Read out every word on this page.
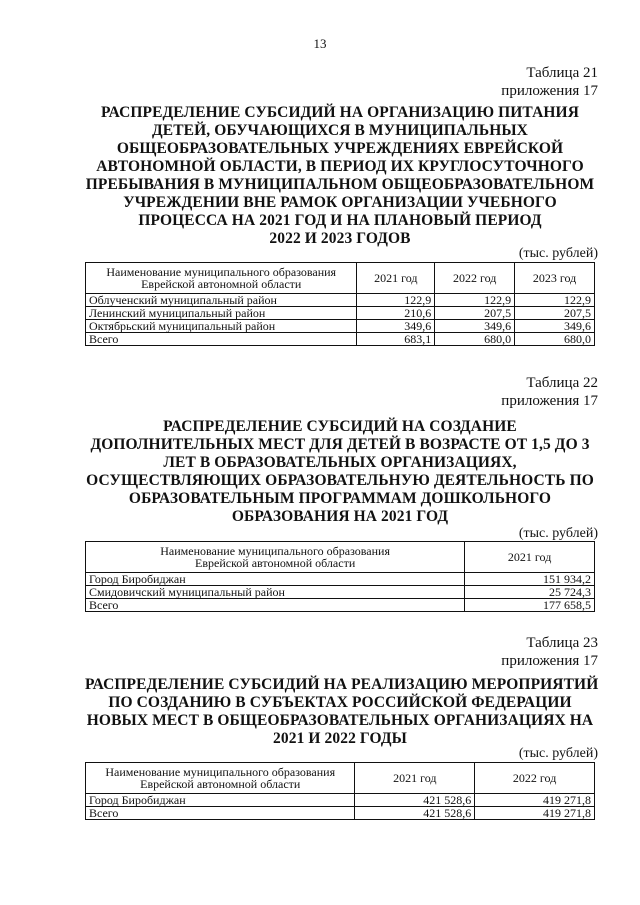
13
Таблица 21
приложения 17
РАСПРЕДЕЛЕНИЕ СУБСИДИЙ НА ОРГАНИЗАЦИЮ ПИТАНИЯ
ДЕТЕЙ, ОБУЧАЮЩИХСЯ В МУНИЦИПАЛЬНЫХ
ОБЩЕОБРАЗОВАТЕЛЬНЫХ УЧРЕЖДЕНИЯХ ЕВРЕЙСКОЙ
АВТОНОМНОЙ ОБЛАСТИ, В ПЕРИОД ИХ КРУГЛОСУТОЧНОГО
ПРЕБЫВАНИЯ В МУНИЦИПАЛЬНОМ ОБЩЕОБРАЗОВАТЕЛЬНОМ
УЧРЕЖДЕНИИ ВНЕ РАМОК ОРГАНИЗАЦИИ УЧЕБНОГО
ПРОЦЕССА НА 2021 ГОД И НА ПЛАНОВЫЙ ПЕРИОД
2022 И 2023 ГОДОВ
(тыс. рублей)
Наименование муниципального образования
Еврейской автономной области	2021 год	2022 год	2023 год
Облученский муниципальный район	122,9	122,9	122,9
Ленинский муниципальный район	210,6	207,5	207,5
Октябрьский муниципальный район	349,6	349,6	349,6
Всего	683,1	680,0	680,0
Таблица 22
приложения 17
РАСПРЕДЕЛЕНИЕ СУБСИДИЙ НА СОЗДАНИЕ
ДОПОЛНИТЕЛЬНЫХ МЕСТ ДЛЯ ДЕТЕЙ В ВОЗРАСТЕ ОТ 1,5 ДО 3
ЛЕТ В ОБРАЗОВАТЕЛЬНЫХ ОРГАНИЗАЦИЯХ,
ОСУЩЕСТВЛЯЮЩИХ ОБРАЗОВАТЕЛЬНУЮ ДЕЯТЕЛЬНОСТЬ ПО
ОБРАЗОВАТЕЛЬНЫМ ПРОГРАММАМ ДОШКОЛЬНОГО
ОБРАЗОВАНИЯ НА 2021 ГОД
(тыс. рублей)
Наименование муниципального образования
Еврейской автономной области	2021 год
Город Биробиджан	151 934,2
Смидовичский муниципальный район	25 724,3
Всего	177 658,5
Таблица 23
приложения 17
РАСПРЕДЕЛЕНИЕ СУБСИДИЙ НА РЕАЛИЗАЦИЮ МЕРОПРИЯТИЙ
ПО СОЗДАНИЮ В СУБЪЕКТАХ РОССИЙСКОЙ ФЕДЕРАЦИИ
НОВЫХ МЕСТ В ОБЩЕОБРАЗОВАТЕЛЬНЫХ ОРГАНИЗАЦИЯХ НА
2021 И 2022 ГОДЫ
(тыс. рублей)
Наименование муниципального образования
Еврейской автономной области	2021 год	2022 год
Город Биробиджан	421 528,6	419 271,8
Всего	421 528,6	419 271,8
